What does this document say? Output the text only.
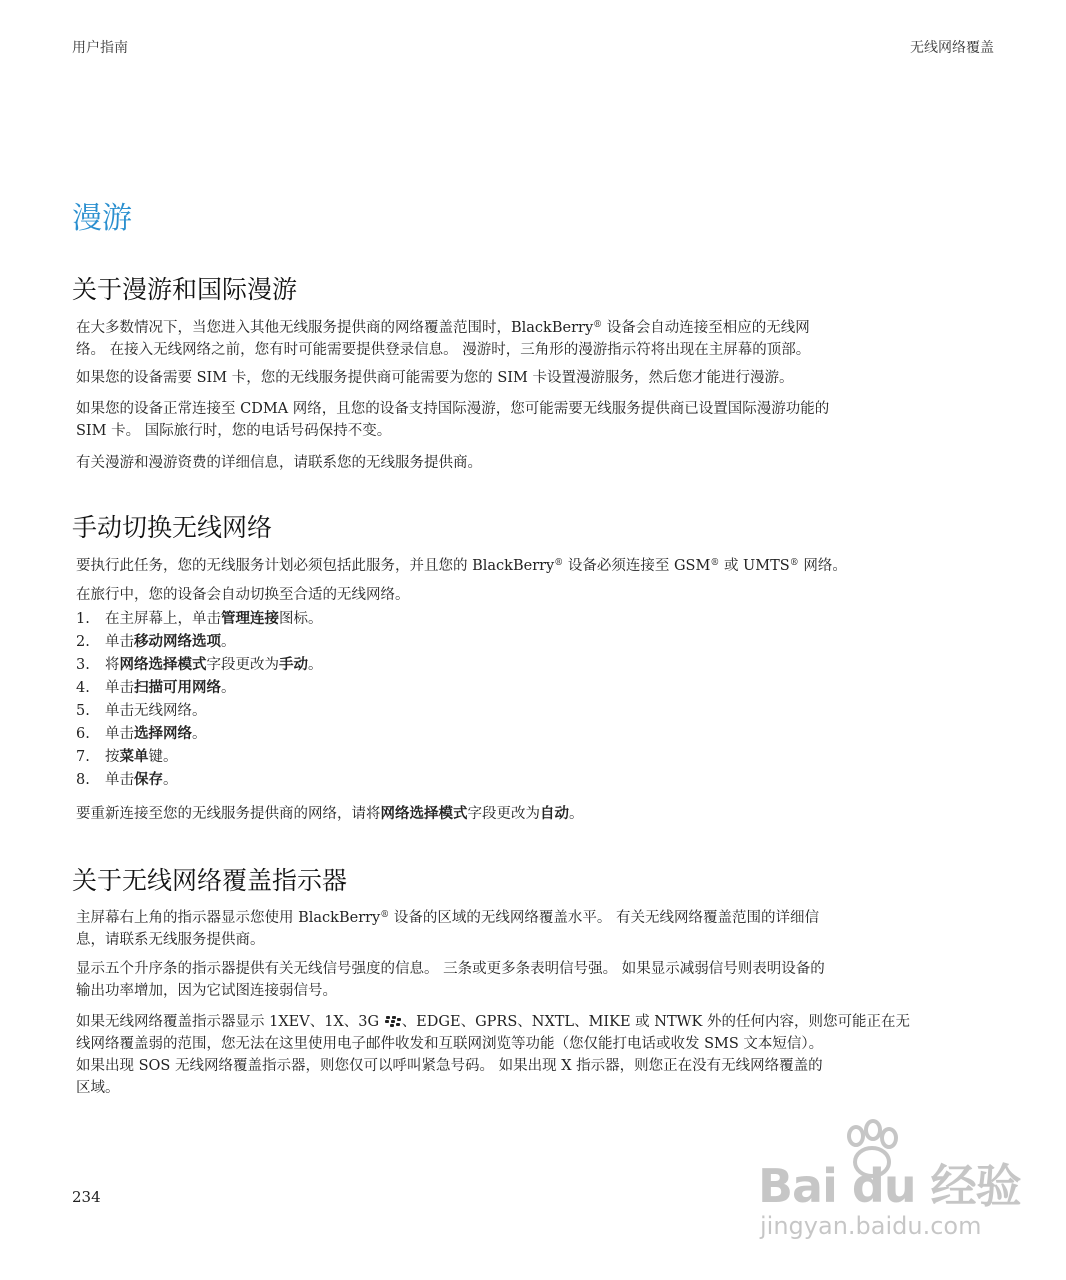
用户指南	无线网络覆盖
漫游
关于漫游和国际漫游

在大多数情况下，当您进入其他无线服务提供商的网络覆盖范围时，BlackBerry® 设备会自动连接至相应的无线网
络。 在接入无线网络之前，您有时可能需要提供登录信息。 漫游时，三角形的漫游指示符将出现在主屏幕的顶部。

如果您的设备需要 SIM 卡，您的无线服务提供商可能需要为您的 SIM 卡设置漫游服务，然后您才能进行漫游。

如果您的设备正常连接至 CDMA 网络，且您的设备支持国际漫游，您可能需要无线服务提供商已设置国际漫游功能的
SIM 卡。 国际旅行时，您的电话号码保持不变。

有关漫游和漫游资费的详细信息，请联系您的无线服务提供商。

手动切换无线网络

要执行此任务，您的无线服务计划必须包括此服务，并且您的 BlackBerry® 设备必须连接至 GSM® 或 UMTS® 网络。

在旅行中，您的设备会自动切换至合适的无线网络。

1. 在主屏幕上，单击管理连接图标。
2. 单击移动网络选项。
3. 将网络选择模式字段更改为手动。
4. 单击扫描可用网络。
5. 单击无线网络。
6. 单击选择网络。
7. 按菜单键。
8. 单击保存。

要重新连接至您的无线服务提供商的网络，请将网络选择模式字段更改为自动。

关于无线网络覆盖指示器

主屏幕右上角的指示器显示您使用 BlackBerry® 设备的区域的无线网络覆盖水平。 有关无线网络覆盖范围的详细信
息，请联系无线服务提供商。

显示五个升序条的指示器提供有关无线信号强度的信息。 三条或更多条表明信号强。 如果显示减弱信号则表明设备的
输出功率增加，因为它试图连接弱信号。

如果无线网络覆盖指示器显示 1XEV、1X、3G 、EDGE、GPRS、NXTL、MIKE 或 NTWK 外的任何内容，则您可能正在无
线网络覆盖弱的范围，您无法在这里使用电子邮件收发和互联网浏览等功能（您仅能打电话或收发 SMS 文本短信）。
如果出现 SOS 无线网络覆盖指示器，则您仅可以呼叫紧急号码。 如果出现 X 指示器，则您正在没有无线网络覆盖的
区域。

234	Bai du 经验
jingyan.baidu.com
